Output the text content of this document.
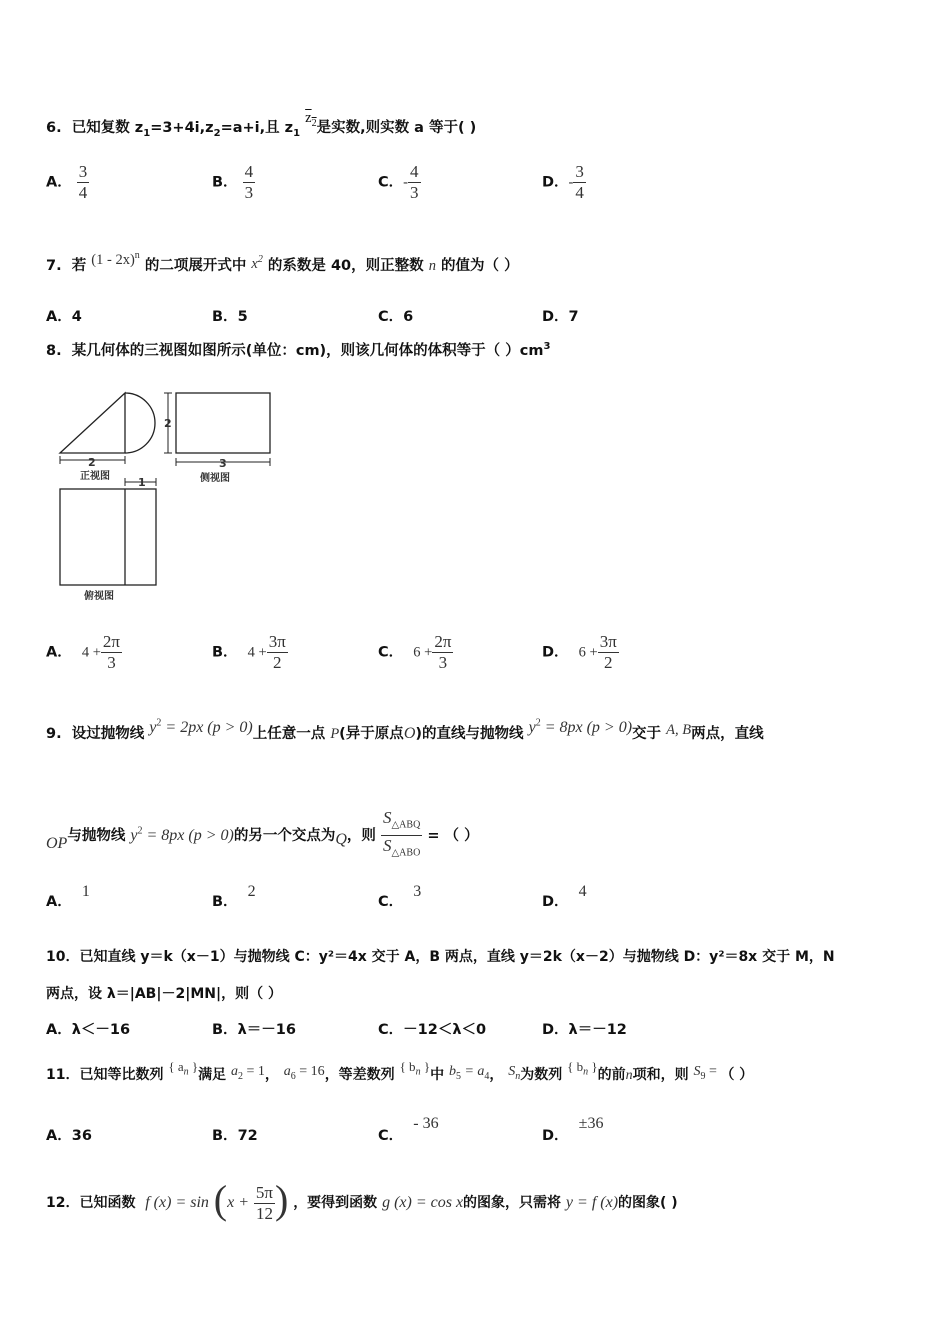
6. 已知复数 $z_1=3+4i,z_2=a+i$,且 $z_1$ $z_2$是实数,则实数 a 等于( )
A． $\frac{3}{4}$	B． $\frac{4}{3}$	C．- $\frac{4}{3}$	D．- $\frac{3}{4}$
7. 若 (1 - 2x)$^n$ 的二项展开式中 $x^2$ 的系数是 40，则正整数 n 的值为（ ）
A．4	B．5	C．6	D．7
8. 某几何体的三视图如图所示(单位：cm)，则该几何体的体积等于（ ）$cm^3$
2
正视图
2
3
侧视图
1
俯视图
A． $4 + \frac{2\pi}{3}$	B． $4 + \frac{3\pi}{2}$	C． $6 + \frac{2\pi}{3}$	D． $6 + \frac{3\pi}{2}$
9. 设过抛物线 $y^2 = 2px$ (p > 0)上任意一点 P(异于原点O)的直线与抛物线 $y^2 = 8px$ (p > 0)交于 A, B两点，直线
OP与抛物线 $y^2 = 8px$ (p > 0)的另一个交点为Q，则 $\frac{S_{\triangle ABQ}}{S_{\triangle ABO}}$ = （ ）
A．  1
B．  2
C．  3
D．  4
10．已知直线 y＝k（x－1）与抛物线 C：y²＝4x 交于 A，B 两点，直线 y＝2k（x－2）与抛物线 D：y²＝8x 交于 M，N
两点，设 λ＝|AB|－2|MN|，则（ ）
A．λ＜－16	B．λ＝－16	C．－12＜λ＜0	D．λ＝－12
11．已知等比数列 { $a_n$ }满足 $a_2 = 1$， $a_6 = 16$，等差数列 { $b_n$ }中 $b_5 = a_4$， $S_n$为数列 { $b_n$ }的前n项和，则 $S_9$ = （ ）
A．36	B．72	C．  - 36
D．  ±36
12．已知函数 f $(x) = \sin (x + \frac{5\pi}{12}$ ) ，要得到函数 g (x) = cos x的图象，只需将 y = f (x)的图象( )
